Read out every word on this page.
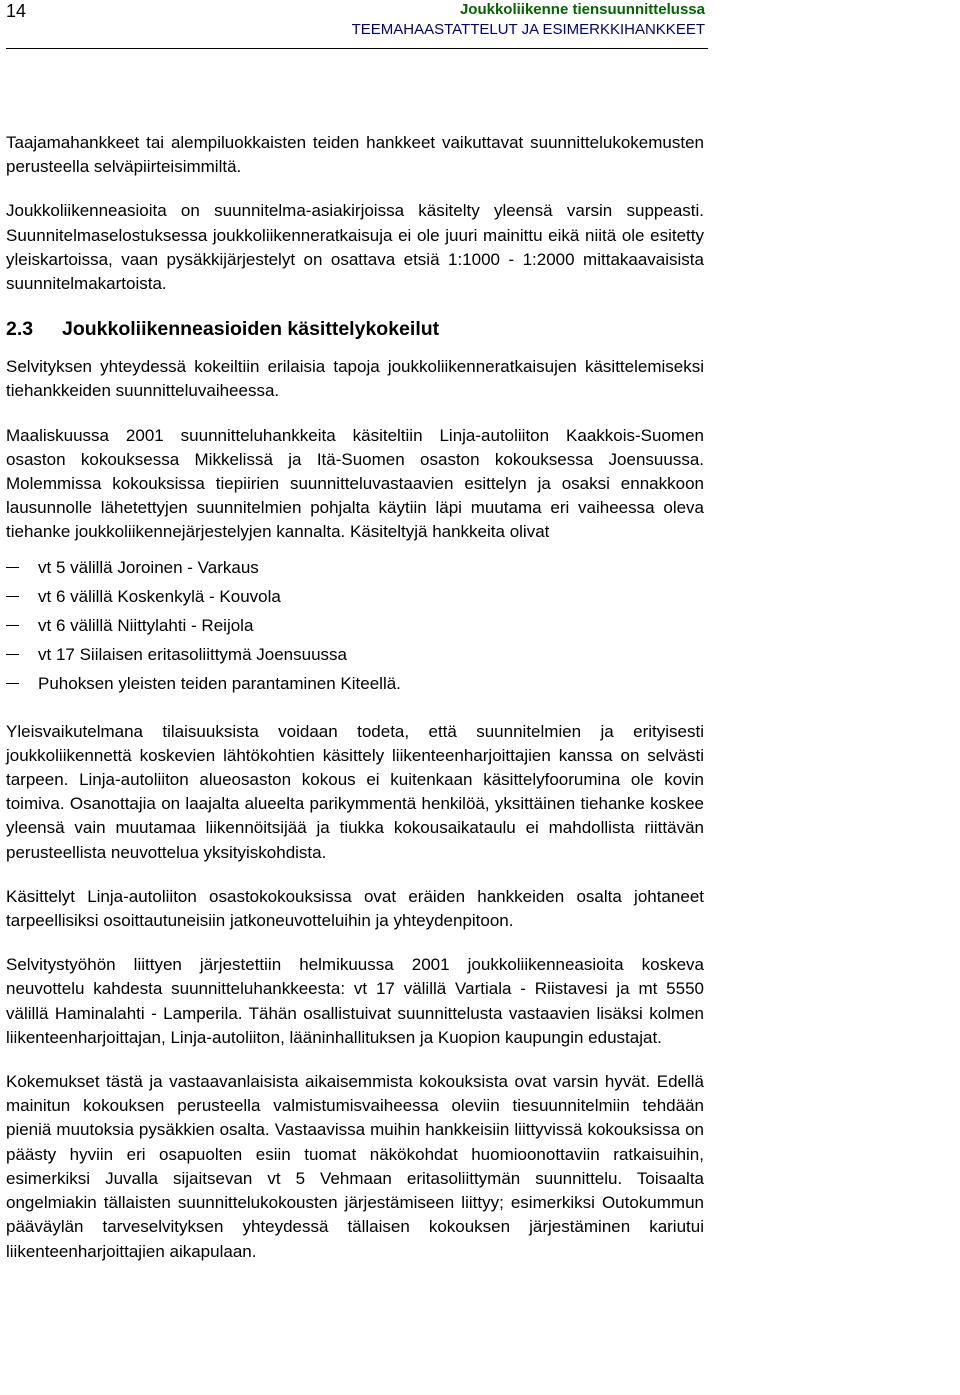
14	Joukkoliikenne tiensuunnittelussa
TEEMAHAASTATTELUT JA ESIMERKKIHANKKEET

Taajamahankkeet tai alempiluokkaisten teiden hankkeet vaikuttavat suunnittelukokemusten perusteella selväpiirteisimmiltä.

Joukkoliikenneasioita on suunnitelma-asiakirjoissa käsitelty yleensä varsin suppeasti. Suunnitelmaselostuksessa joukkoliikenneratkaisuja ei ole juuri mainittu eikä niitä ole esitetty yleiskartoissa, vaan pysäkkijärjestelyt on osattava etsiä 1:1000 - 1:2000 mittakaavaisista suunnitelmakartoista.

2.3 Joukkoliikenneasioiden käsittelykokeilut

Selvityksen yhteydessä kokeiltiin erilaisia tapoja joukkoliikenneratkaisujen käsittelemiseksi tiehankkeiden suunnitteluvaiheessa.

Maaliskuussa 2001 suunnitteluhankkeita käsiteltiin Linja-autoliiton Kaakkois-Suomen osaston kokouksessa Mikkelissä ja Itä-Suomen osaston kokouksessa Joensuussa. Molemmissa kokouksissa tiepiirien suunnitteluvastaavien esittelyn ja osaksi ennakkoon lausunnolle lähetettyjen suunnitelmien pohjalta käytiin läpi muutama eri vaiheessa oleva tiehanke joukkoliikennejärjestelyjen kannalta. Käsiteltyjä hankkeita olivat

vt 5 välillä Joroinen - Varkaus
vt 6 välillä Koskenkylä - Kouvola
vt 6 välillä Niittylahti - Reijola
vt 17 Siilaisen eritasoliittymä Joensuussa
Puhoksen yleisten teiden parantaminen Kiteellä.

Yleisvaikutelmana tilaisuuksista voidaan todeta, että suunnitelmien ja erityisesti joukkoliikennettä koskevien lähtökohtien käsittely liikenteenharjoittajien kanssa on selvästi tarpeen. Linja-autoliiton alueosaston kokous ei kuitenkaan käsittelyfoorumina ole kovin toimiva. Osanottajia on laajalta alueelta parikymmentä henkilöä, yksittäinen tiehanke koskee yleensä vain muutamaa liikennöitsijää ja tiukka kokousaikataulu ei mahdollista riittävän perusteellista neuvottelua yksityiskohdista.

Käsittelyt Linja-autoliiton osastokokouksissa ovat eräiden hankkeiden osalta johtaneet tarpeellisiksi osoittautuneisiin jatkoneuvotteluihin ja yhteydenpitoon.

Selvitystyöhön liittyen järjestettiin helmikuussa 2001 joukkoliikenneasioita koskeva neuvottelu kahdesta suunnitteluhankkeesta: vt 17 välillä Vartiala - Riistavesi ja mt 5550 välillä Haminalahti - Lamperila. Tähän osallistuivat suunnittelusta vastaavien lisäksi kolmen liikenteenharjoittajan, Linja-autoliiton, lääninhallituksen ja Kuopion kaupungin edustajat.

Kokemukset tästä ja vastaavanlaisista aikaisemmista kokouksista ovat varsin hyvät. Edellä mainitun kokouksen perusteella valmistumisvaiheessa oleviin tiesuunnitelmiin tehdään pieniä muutoksia pysäkkien osalta. Vastaavissa muihin hankkeisiin liittyvissä kokouksissa on päästy hyviin eri osapuolten esiin tuomat näkökohdat huomioonottaviin ratkaisuihin, esimerkiksi Juvalla sijaitsevan vt 5 Vehmaan eritasoliittymän suunnittelu. Toisaalta ongelmiakin tällaisten suunnittelukokousten järjestämiseen liittyy; esimerkiksi Outokummun pääväylän tarveselvityksen yhteydessä tällaisen kokouksen järjestäminen kariutui liikenteenharjoittajien aikapulaan.
